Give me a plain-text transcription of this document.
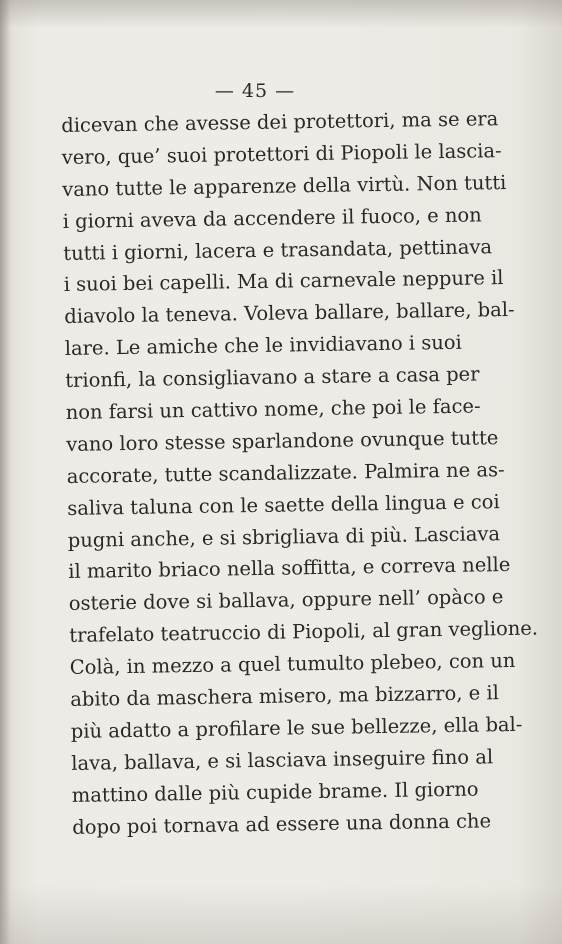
— 45 —
dicevan che avesse dei protettori, ma se era
vero, que’ suoi protettori di Piopoli le lascia-
vano tutte le apparenze della virtù. Non tutti
i giorni aveva da accendere il fuoco, e non
tutti i giorni, lacera e trasandata, pettinava
i suoi bei capelli. Ma di carnevale neppure il
diavolo la teneva. Voleva ballare, ballare, bal-
lare. Le amiche che le invidiavano i suoi
trionfi, la consigliavano a stare a casa per
non farsi un cattivo nome, che poi le face-
vano loro stesse sparlandone ovunque tutte
accorate, tutte scandalizzate. Palmira ne as-
saliva taluna con le saette della lingua e coi
pugni anche, e si sbrigliava di più. Lasciava
il marito briaco nella soffitta, e correva nelle
osterie dove si ballava, oppure nell’ opàco e
trafelato teatruccio di Piopoli, al gran veglione.
Colà, in mezzo a quel tumulto plebeo, con un
abito da maschera misero, ma bizzarro, e il
più adatto a profilare le sue bellezze, ella bal-
lava, ballava, e si lasciava inseguire fino al
mattino dalle più cupide brame. Il giorno
dopo poi tornava ad essere una donna che
